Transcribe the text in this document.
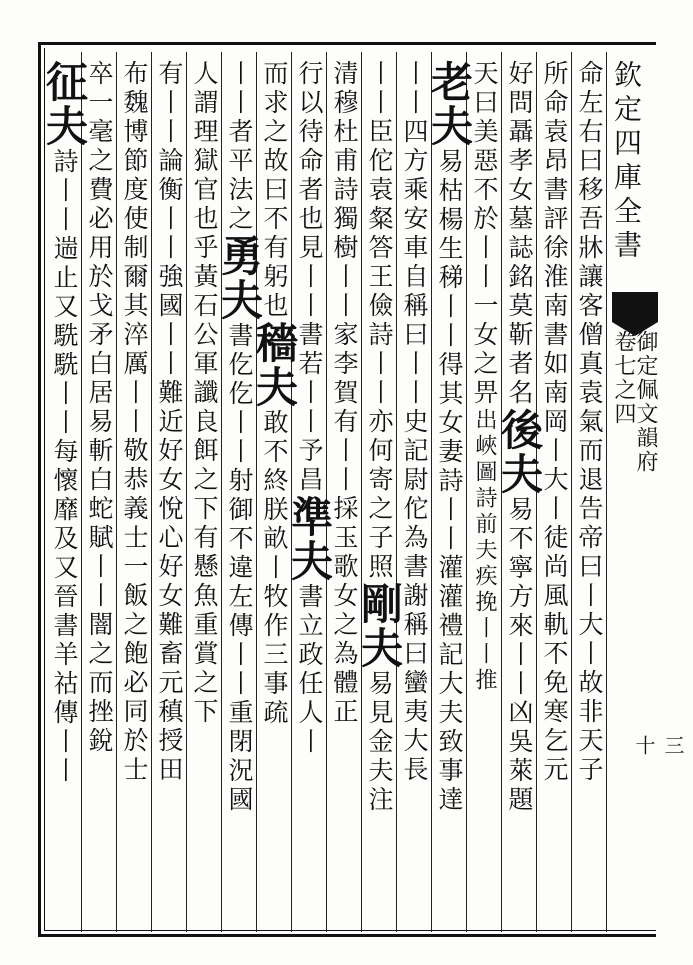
欽定四庫全書
御定佩文韻府
卷七之四
三十
命左右曰移吾牀讓客僧真袁氣而退告帝曰丨大丨故非天子
所命袁昂書評徐淮南書如南岡丨大丨徒尚風軌不免寒乞元
好問聶孝女墓誌銘莫靳者名後夫易不寧方來丨丨凶吳萊題
天曰美惡不於丨丨一女之畀出峽圖詩前夫疾挽丨丨推
老夫易枯楊生稊丨丨得其女妻詩丨丨灌灌禮記大夫致事達
丨丨四方乘安車自稱曰丨丨史記尉佗為書謝稱曰蠻夷大長
丨丨臣佗袁粲答王儉詩丨丨亦何寄之子照剛夫易見金夫注
清穆杜甫詩獨樹丨丨家李賀有丨丨採玉歌女之為體正
行以待命者也見丨丨書若丨丨予昌準夫書立政任人丨
而求之故曰不有躬也穡夫敢不終朕畝丨牧作三事疏
丨丨者平法之勇夫書仡仡丨丨射御不違左傳丨丨重閉況國
人謂理獄官也乎黃石公軍讖良餌之下有懸魚重賞之下
有丨丨論衡丨丨強國丨丨難近好女悅心好女難畜元稹授田
布魏博節度使制爾其淬厲丨丨敬恭義士一飯之飽必同於士
卒一毫之費必用於戈矛白居易斬白蛇賦丨丨闇之而挫銳
征夫詩丨丨遄止又駪駪丨丨每懷靡及又晉書羊祜傳丨丨
